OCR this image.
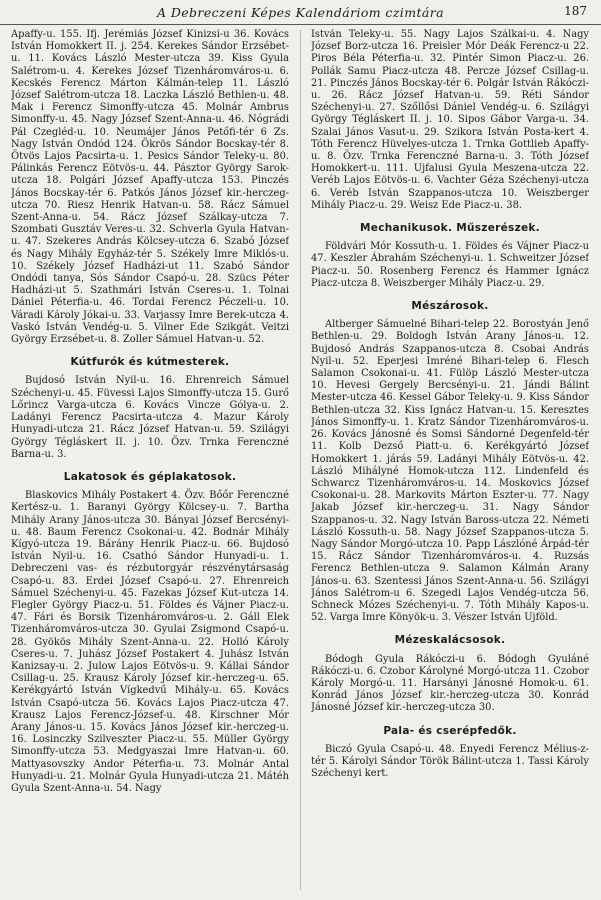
A Debreczeni Képes Kalendáriom czimtára	187

Apaffy-u. 155. Ifj. Jerémiás József Kinizsi-u 36. Kovács István Homokkert II. j. 254. Kerekes Sándor Erzsébet-u. 11. Kovács László Mester-utcza 39. Kiss Gyula Salétrom-u. 4. Kerekes József Tizenháromváros-u. 6. Kecskés Ferencz Márton Kálmán-telep 11. László József Salétrom-utcza 18. Laczka László Bethlen-u. 48. Mak i Ferencz Simonffy-utcza 45. Molnár Ambrus Simonffy-u. 45. Nagy József Szent-Anna-u. 46. Nógrádi Pál Czegléd-u. 10. Neumájer János Petőfi-tér 6 Zs. Nagy István Ondód 124. Ökrös Sándor Bocskay-tér 8. Ötvös Lajos Pacsirta-u. 1. Pesics Sándor Teleky-u. 80. Pálinkás Ferencz Eötvös-u. 44. Pásztor György Sarok-utcza 18. Polgári József Apaffy-utcza 153. Pinczés János Bocskay-tér 6. Patkós János József kir.-herczeg-utcza 70. Riesz Henrik Hatvan-u. 58. Rácz Sámuel Szent-Anna-u. 54. Rácz József Szálkay-utcza 7. Szombati Gusztáv Veres-u. 32. Schverla Gyula Hatvan-u. 47. Szekeres András Kölcsey-utcza 6. Szabó József és Nagy Mihály Egyház-tér 5. Székely Imre Miklós-u. 10. Székely József Hadházi-ut 11. Szabó Sándor Ondódi tanya, Sós Sándor Csapó-u. 28. Szücs Péter Hadházi-ut 5. Szathmári István Cseres-u. 1. Tolnai Dániel Péterfia-u. 46. Tordai Ferencz Péczeli-u. 10. Váradi Károly Jókai-u. 33. Varjassy Imre Berek-utcza 4. Vaskó István Vendég-u. 5. Vilner Ede Szikgát. Veitzi György Erzsébet-u. 8. Zoller Sámuel Hatvan-u. 52.

Kútfurók és kútmesterek.

Bujdosó István Nyil-u. 16. Ehrenreich Sámuel Széchenyi-u. 45. Füvessi Lajos Simonffy-utcza 15. Gurő Lőrincz Varga-utcza 6. Kovács Vincze Gólya-u. 2. Ladányi Ferencz Pacsirta-utcza 4. Mazur Károly Hunyadi-utcza 21. Rácz József Hatvan-u. 59. Szilágyi György Tégláskert II. j. 10. Özv. Trnka Ferenczné Barna-u. 3.

Lakatosok és géplakatosok.

Blaskovics Mihály Postakert 4. Özv. Bőőr Ferenczné Kertész-u. 1. Baranyi György Kölcsey-u. 7. Bartha Mihály Arany János-utcza 30. Bányai József Bercsényi-u. 48. Baum Ferencz Csokonai-u. 42. Bodnár Mihály Kígyó-utcza 19. Bárány Henrik Piacz-u. 66. Bujdosó István Nyil-u. 16. Csathó Sándor Hunyadi-u. 1. Debreczeni vas- és rézbutorgyár részvénytársaság Csapó-u. 83. Erdei József Csapó-u. 27. Ehrenreich Sámuel Széchenyi-u. 45. Fazekas József Kut-utcza 14. Flegler György Piacz-u. 51. Földes és Vájner Piacz-u. 47. Fári és Borsik Tizenháromváros-u. 2. Gáll Elek Tizenháromváros-utcza 30. Gyulai Zsigmond Csapó-u. 28. Gyökös Mihály Szent-Anna-u. 22. Holló Károly Cseres-u. 7. Juhász József Postakert 4. Juhász István Kanizsay-u. 2. Julow Lajos Eötvös-u. 9. Kállai Sándor Csillag-u. 25. Krausz Károly József kir.-herczeg-u. 65. Kerékgyártó István Vígkedvű Mihály-u. 65. Kovács István Csapó-utcza 56. Kovács Lajos Piacz-utcza 47. Krausz Lajos Ferencz-József-u. 48. Kirschner Mór Arany János-u. 15. Kovács János József kir.-herczeg-u. 16. Losinczky Szilveszter Piacz-u. 55. Müller György Simonffy-utcza 53. Medgyaszai Imre Hatvan-u. 60. Mattyasovszky Andor Péterfia-u. 73. Molnár Antal Hunyadi-u. 21. Molnár Gyula Hunyadi-utcza 21. Mátéh Gyula Szent-Anna-u. 54. Nagy

István Teleky-u. 55. Nagy Lajos Szálkai-u. 4. Nagy József Borz-utcza 16. Preisler Mór Deák Ferencz-u 22. Piros Béla Péterfia-u. 32. Pintér Simon Piacz-u. 26. Pollák Samu Piacz-utcza 48. Percze József Csillag-u. 21. Pinczés János Bocskay-tér 6. Polgár István Rákóczi-u. 26. Rácz József Hatvan-u. 59. Réti Sándor Széchenyi-u. 27. Szőllősi Dániel Vendég-u. 6. Szilágyi György Tégláskert II. j. 10. Sipos Gábor Varga-u. 34. Szalai János Vasut-u. 29. Szikora István Posta-kert 4. Tóth Ferencz Hüvelyes-utcza 1. Trnka Gottlieb Apaffy-u. 8. Özv. Trnka Ferenczné Barna-u. 3. Tóth József Homokkert-u. 111. Ujfalusi Gyula Meszena-utcza 22. Veréb Lajos Eötvös-u. 6. Vachter Géza Széchenyi-utcza 6. Veréb István Szappanos-utcza 10. Weiszberger Mihály Piacz-u. 29. Weisz Ede Piacz-u. 38.

Mechanikusok. Műszerészek.

Földvári Mór Kossuth-u. 1. Földes és Vájner Piacz-u 47. Keszler Ábrahám Széchenyi-u. 1. Schweitzer József Piacz-u. 50. Rosenberg Ferencz és Hammer Ignácz Piacz-utcza 8. Weiszberger Mihály Piacz-u. 29.

Mészárosok.

Altberger Sámuelné Bihari-telep 22. Borostyán Jenő Bethlen-u. 29. Boldogh István Arany János-u. 12. Bujdosó András Szappanos-utcza 8. Csobai András Nyil-u. 52. Eperjesi Imréné Bihari-telep 6. Flesch Salamon Csokonai-u. 41. Fülöp László Mester-utcza 10. Hevesi Gergely Bercsényi-u. 21. Jándi Bálint Mester-utcza 46. Kessel Gábor Teleky-u. 9. Kiss Sándor Bethlen-utcza 32. Kiss Ignácz Hatvan-u. 15. Keresztes János Simonffy-u. 1. Kratz Sándor Tizenháromváros-u. 26. Kovács Jánosné és Somsi Sándorné Degenfeld-tér 11. Kolb Dezső Piatt-u. 6. Kerékgyártó József Homokkert 1. járás 59. Ladányi Mihály Eötvös-u. 42. László Mihályné Homok-utcza 112. Lindenfeld és Schwarcz Tizenháromváros-u. 14. Moskovics József Csokonai-u. 28. Markovits Márton Eszter-u. 77. Nagy Jakab József kir.-herczeg-u. 31. Nagy Sándor Szappanos-u. 32. Nagy István Baross-utcza 22. Németi László Kossuth-u. 58. Nagy József Szappanos-utcza 5. Nagy Sándor Morgó-utcza 10. Papp Lászlóné Árpád-tér 15. Rácz Sándor Tizenháromváros-u. 4. Ruzsás Ferencz Bethlen-utcza 9. Salamon Kálmán Arany János-u. 63. Szentessi János Szent-Anna-u. 56. Szilágyi János Salétrom-u 6. Szegedi Lajos Vendég-utcza 56. Schneck Mózes Széchenyi-u. 7. Tóth Mihály Kapos-u. 52. Varga Imre Könyök-u. 3. Vészer István Ujföld.

Mézeskalácsosok.

Bódogh Gyula Rákóczi-u 6. Bódogh Gyuláné Rákóczi-u. 6. Czobor Károlyné Morgó-utcza 11. Czobor Károly Morgó-u. 11. Harsányi Jánosné Homok-u. 61. Konrád János József kir.-herczeg-utcza 30. Konrád Jánosné József kir.-herczeg-utcza 30.

Pala- és cserépfedők.

Biczó Gyula Csapó-u. 48. Enyedi Ferencz Mélius-z-tér 5. Károlyi Sándor Török Bálint-utcza 1. Tassi Károly Széchenyi kert.
